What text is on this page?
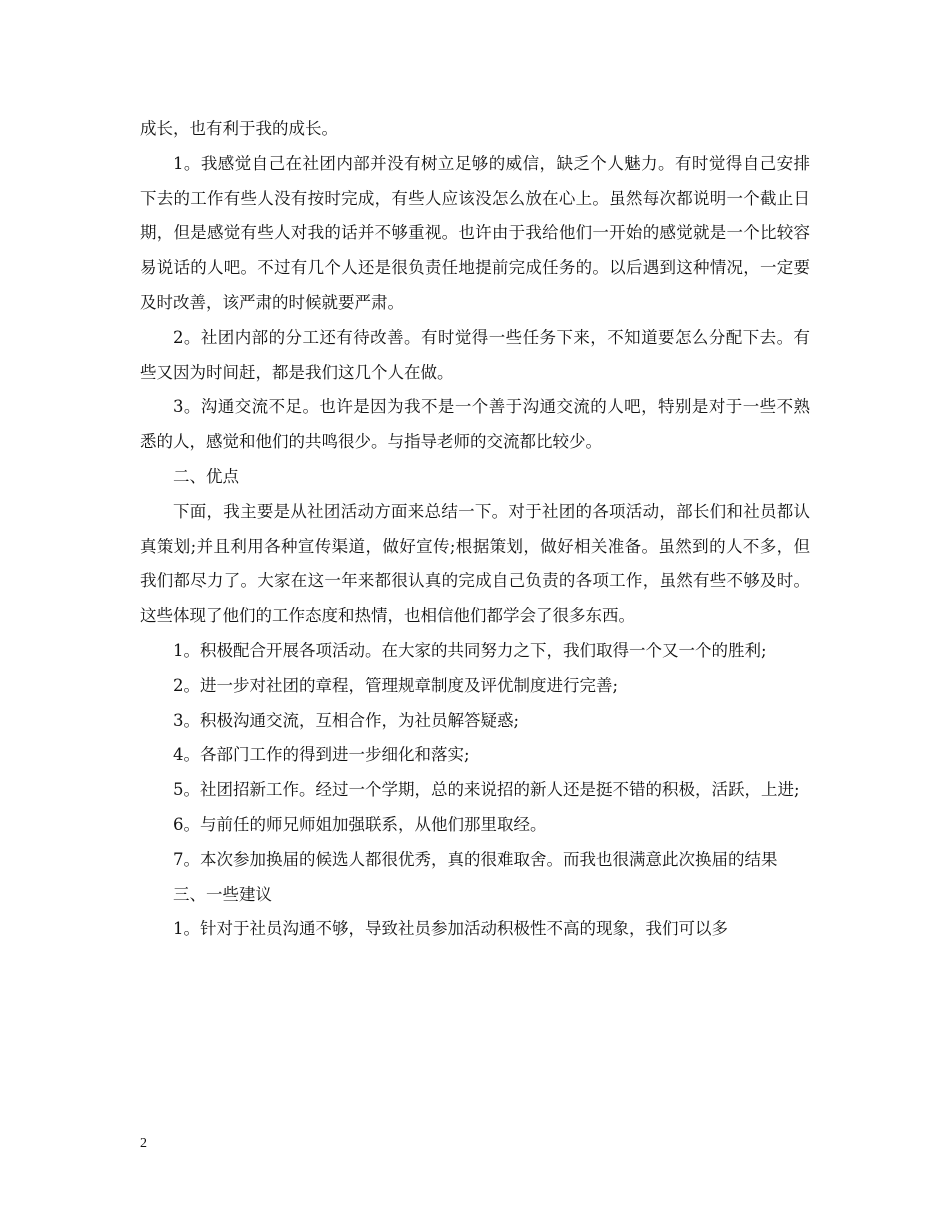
成长，也有利于我的成长。

1。我感觉自己在社团内部并没有树立足够的威信，缺乏个人魅力。有时觉得自己安排下去的工作有些人没有按时完成，有些人应该没怎么放在心上。虽然每次都说明一个截止日期，但是感觉有些人对我的话并不够重视。也许由于我给他们一开始的感觉就是一个比较容易说话的人吧。不过有几个人还是很负责任地提前完成任务的。以后遇到这种情况，一定要及时改善，该严肃的时候就要严肃。

2。社团内部的分工还有待改善。有时觉得一些任务下来，不知道要怎么分配下去。有些又因为时间赶，都是我们这几个人在做。

3。沟通交流不足。也许是因为我不是一个善于沟通交流的人吧，特别是对于一些不熟悉的人，感觉和他们的共鸣很少。与指导老师的交流都比较少。

二、优点

下面，我主要是从社团活动方面来总结一下。对于社团的各项活动，部长们和社员都认真策划;并且利用各种宣传渠道，做好宣传;根据策划，做好相关准备。虽然到的人不多，但我们都尽力了。大家在这一年来都很认真的完成自己负责的各项工作，虽然有些不够及时。这些体现了他们的工作态度和热情，也相信他们都学会了很多东西。

1。积极配合开展各项活动。在大家的共同努力之下，我们取得一个又一个的胜利;

2。进一步对社团的章程，管理规章制度及评优制度进行完善;

3。积极沟通交流，互相合作，为社员解答疑惑;

4。各部门工作的得到进一步细化和落实;

5。社团招新工作。经过一个学期，总的来说招的新人还是挺不错的积极，活跃，上进;

6。与前任的师兄师姐加强联系，从他们那里取经。

7。本次参加换届的候选人都很优秀，真的很难取舍。而我也很满意此次换届的结果

三、一些建议

1。针对于社员沟通不够，导致社员参加活动积极性不高的现象，我们可以多

2
